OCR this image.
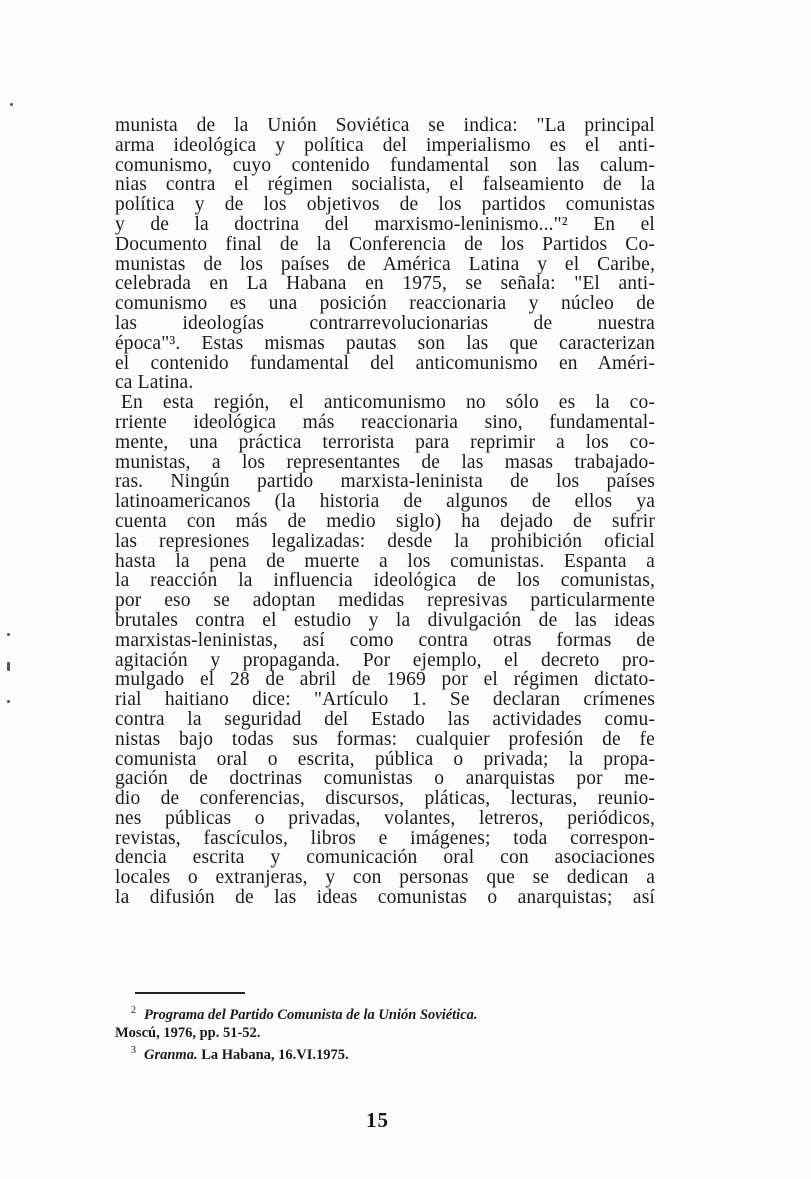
munista de la Unión Soviética se indica: "La principal
arma ideológica y política del imperialismo es el anti-
comunismo, cuyo contenido fundamental son las calum-
nias contra el régimen socialista, el falseamiento de la
política y de los objetivos de los partidos comunistas
y de la doctrina del marxismo-leninismo..."² En el
Documento final de la Conferencia de los Partidos Co-
munistas de los países de América Latina y el Caribe,
celebrada en La Habana en 1975, se señala: "El anti-
comunismo es una posición reaccionaria y núcleo de
las ideologías contrarrevolucionarias de nuestra
época"³. Estas mismas pautas son las que caracterizan
el contenido fundamental del anticomunismo en Améri-
ca Latina.
En esta región, el anticomunismo no sólo es la co-
rriente ideológica más reaccionaria sino, fundamental-
mente, una práctica terrorista para reprimir a los co-
munistas, a los representantes de las masas trabajado-
ras. Ningún partido marxista-leninista de los países
latinoamericanos (la historia de algunos de ellos ya
cuenta con más de medio siglo) ha dejado de sufrir
las represiones legalizadas: desde la prohibición oficial
hasta la pena de muerte a los comunistas. Espanta a
la reacción la influencia ideológica de los comunistas,
por eso se adoptan medidas represivas particularmente
brutales contra el estudio y la divulgación de las ideas
marxistas-leninistas, así como contra otras formas de
agitación y propaganda. Por ejemplo, el decreto pro-
mulgado el 28 de abril de 1969 por el régimen dictato-
rial haitiano dice: "Artículo 1. Se declaran crímenes
contra la seguridad del Estado las actividades comu-
nistas bajo todas sus formas: cualquier profesión de fe
comunista oral o escrita, pública o privada; la propa-
gación de doctrinas comunistas o anarquistas por me-
dio de conferencias, discursos, pláticas, lecturas, reunio-
nes públicas o privadas, volantes, letreros, periódicos,
revistas, fascículos, libros e imágenes; toda correspon-
dencia escrita y comunicación oral con asociaciones
locales o extranjeras, y con personas que se dedican a
la difusión de las ideas comunistas o anarquistas; así
$^2$ Programa del Partido Comunista de la Unión Soviética.
Moscú, 1976, pp. 51-52.
$^3$ Granma. La Habana, 16.VI.1975.
15
